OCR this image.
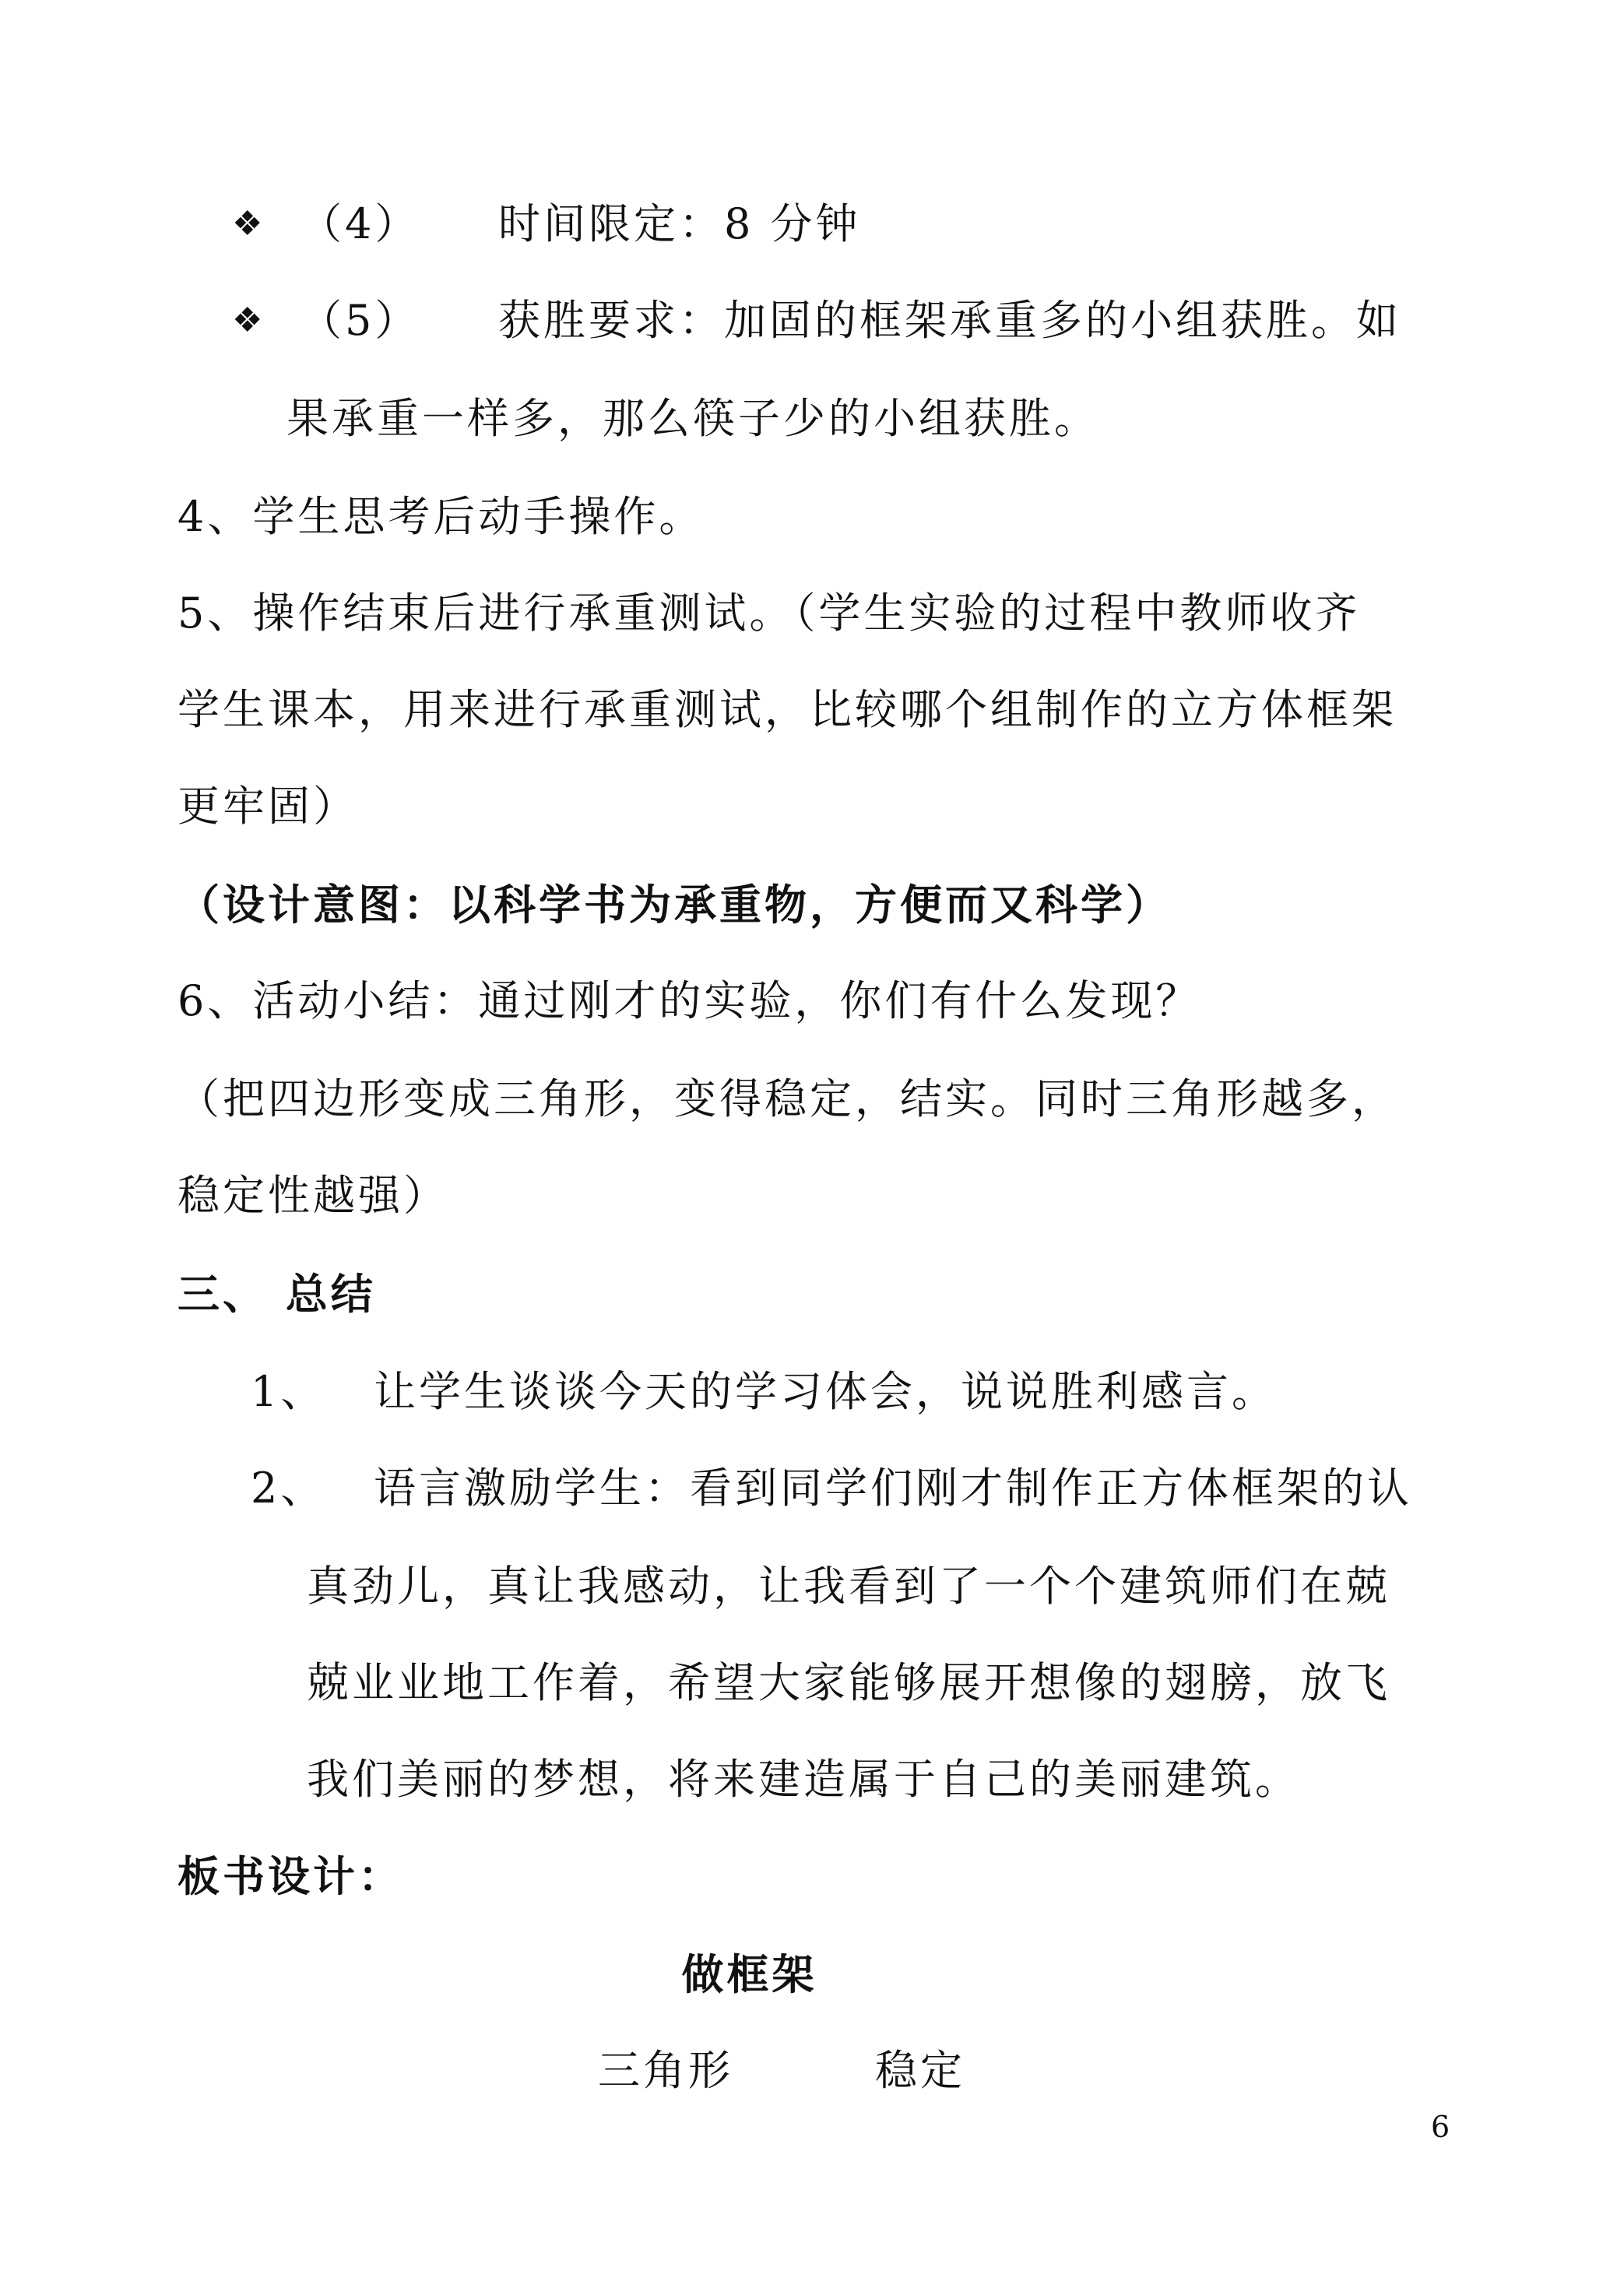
❖ （4） 时间限定：8 分钟
❖ （5） 获胜要求：加固的框架承重多的小组获胜。如
果承重一样多，那么筷子少的小组获胜。
4、学生思考后动手操作。
5、操作结束后进行承重测试。（学生实验的过程中教师收齐
学生课本，用来进行承重测试，比较哪个组制作的立方体框架
更牢固）
（设计意图：以科学书为承重物，方便而又科学）
6、活动小结：通过刚才的实验，你们有什么发现？
（把四边形变成三角形，变得稳定，结实。同时三角形越多，
稳定性越强）
三、 总结
1、 让学生谈谈今天的学习体会，说说胜利感言。
2、 语言激励学生：看到同学们刚才制作正方体框架的认
真劲儿，真让我感动，让我看到了一个个建筑师们在兢
兢业业地工作着，希望大家能够展开想像的翅膀，放飞
我们美丽的梦想，将来建造属于自己的美丽建筑。
板书设计：
做框架
三角形	稳定
6
